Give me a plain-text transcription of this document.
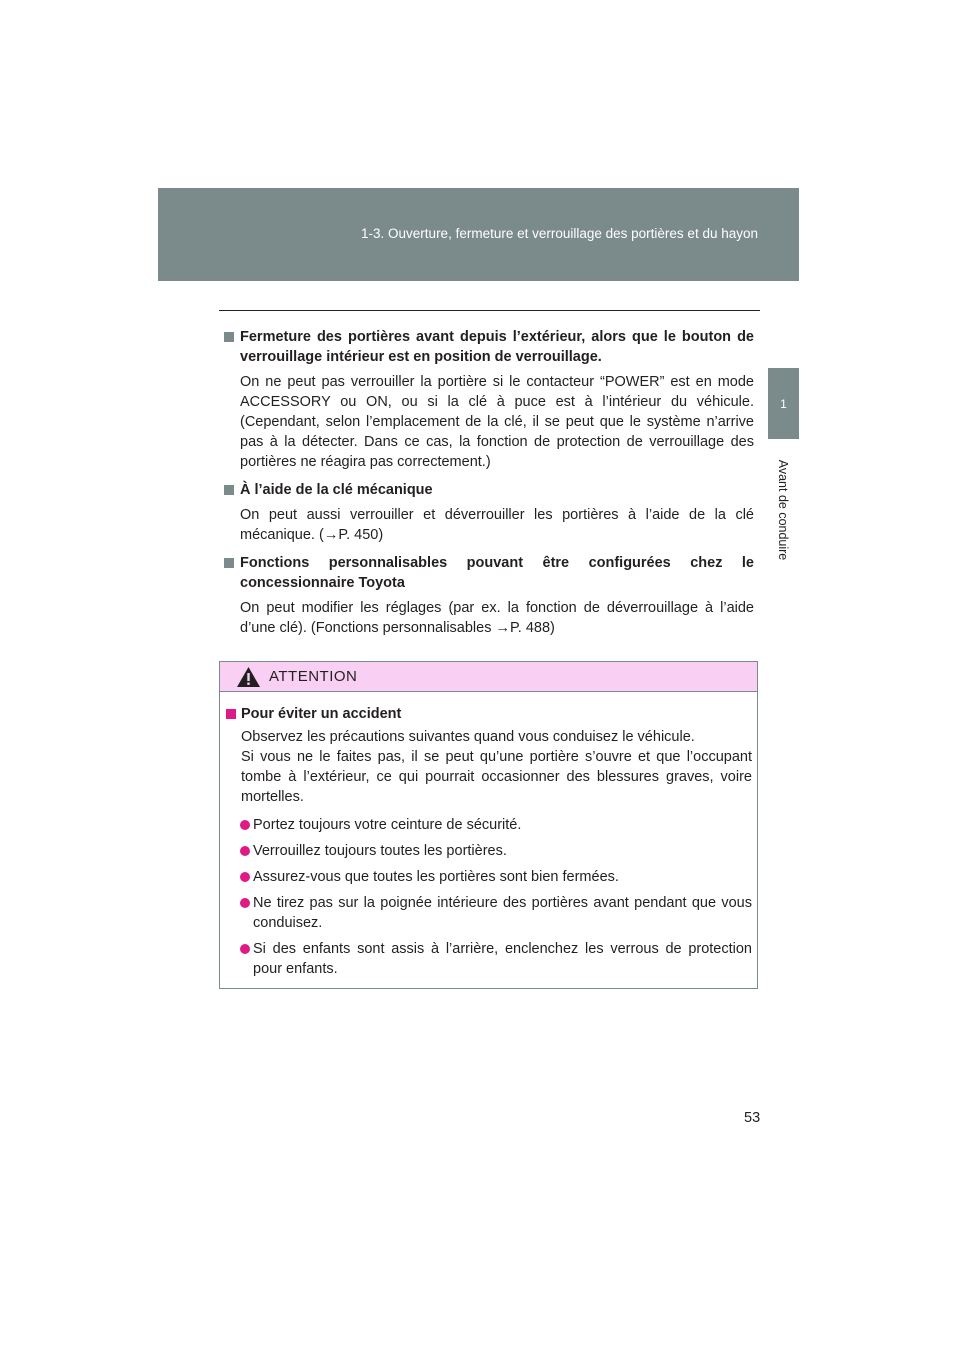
1-3. Ouverture, fermeture et verrouillage des portières et du hayon
1
Avant de conduire
Fermeture des portières avant depuis l’extérieur, alors que le bouton de verrouillage intérieur est en position de verrouillage.
On ne peut pas verrouiller la portière si le contacteur “POWER” est en mode ACCESSORY ou ON, ou si la clé à puce est à l’intérieur du véhicule. (Cependant, selon l’emplacement de la clé, il se peut que le système n’arrive pas à la détecter. Dans ce cas, la fonction de protection de verrouillage des portières ne réagira pas correctement.)
À l’aide de la clé mécanique
On peut aussi verrouiller et déverrouiller les portières à l’aide de la clé mécanique. (→P. 450)
Fonctions personnalisables pouvant être configurées chez le concessionnaire Toyota
On peut modifier les réglages (par ex. la fonction de déverrouillage à l’aide d’une clé). (Fonctions personnalisables →P. 488)
ATTENTION
Pour éviter un accident
Observez les précautions suivantes quand vous conduisez le véhicule.
Si vous ne le faites pas, il se peut qu’une portière s’ouvre et que l’occupant tombe à l’extérieur, ce qui pourrait occasionner des blessures graves, voire mortelles.
Portez toujours votre ceinture de sécurité.
Verrouillez toujours toutes les portières.
Assurez-vous que toutes les portières sont bien fermées.
Ne tirez pas sur la poignée intérieure des portières avant pendant que vous conduisez.
Si des enfants sont assis à l’arrière, enclenchez les verrous de protection pour enfants.
53
